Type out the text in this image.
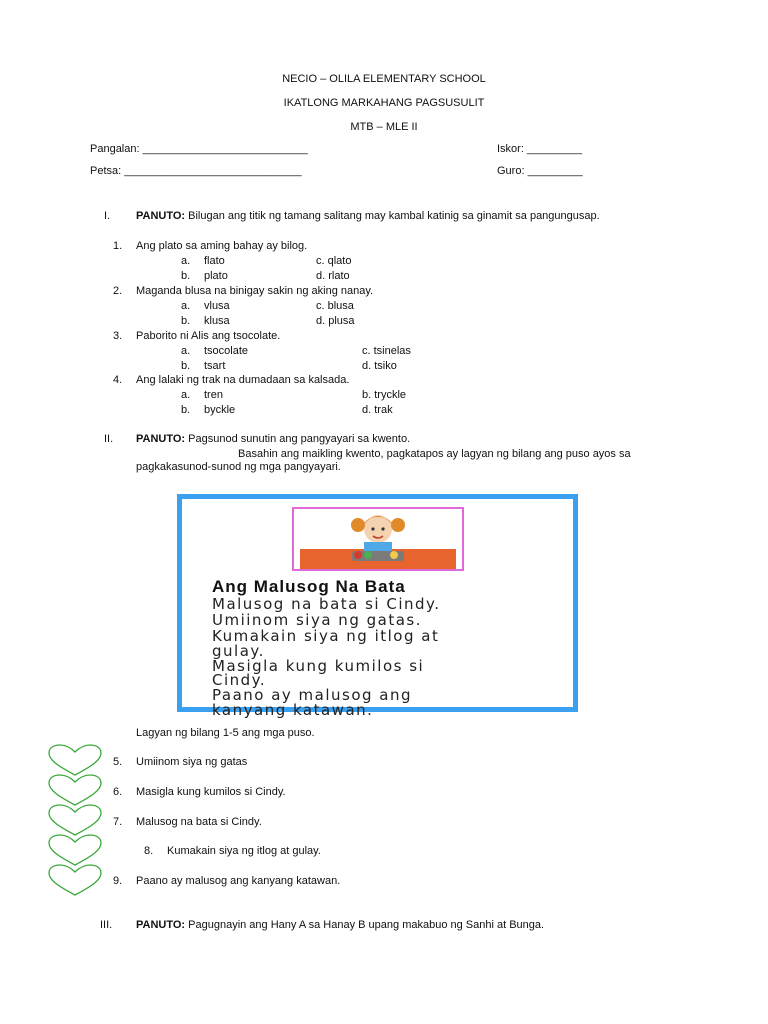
NECIO – OLILA ELEMENTARY SCHOOL
IKATLONG MARKAHANG PAGSUSULIT
MTB – MLE II
Pangalan: ___________________________	Iskor: _________
Petsa: _____________________________	Guro: _________
I. PANUTO: Bilugan ang titik ng tamang salitang may kambal katinig sa ginamit sa pangungusap.
1. Ang plato sa aming bahay ay bilog.
a. flato	c. qlato
b. plato	d. rlato
2. Maganda blusa na binigay sakin ng aking nanay.
a. vlusa	c. blusa
b. klusa	d. plusa
3. Paborito ni Alis ang tsocolate.
a. tsocolate	c. tsinelas
b. tsart	d. tsiko
4. Ang lalaki ng trak na dumadaan sa kalsada.
a. tren	b. tryckle
b. byckle	d. trak
II. PANUTO: Pagsunod sunutin ang pangyayari sa kwento.
Basahin ang maikling kwento, pagkatapos ay lagyan ng bilang ang puso ayos sa
pagkakasunod-sunod ng mga pangyayari.
Ang Malusog Na Bata
Malusog na bata si Cindy.
Umiinom siya ng gatas.
Kumakain siya ng itlog at
gulay.
Masigla kung kumilos si
Cindy.
Paano ay malusog ang
kanyang katawan.
Lagyan ng bilang 1-5 ang mga puso.
5. Umiinom siya ng gatas
6. Masigla kung kumilos si Cindy.
7. Malusog na bata si Cindy.
8. Kumakain siya ng itlog at gulay.
9. Paano ay malusog ang kanyang katawan.
III. PANUTO: Pagugnayin ang Hany A sa Hanay B upang makabuo ng Sanhi at Bunga.
